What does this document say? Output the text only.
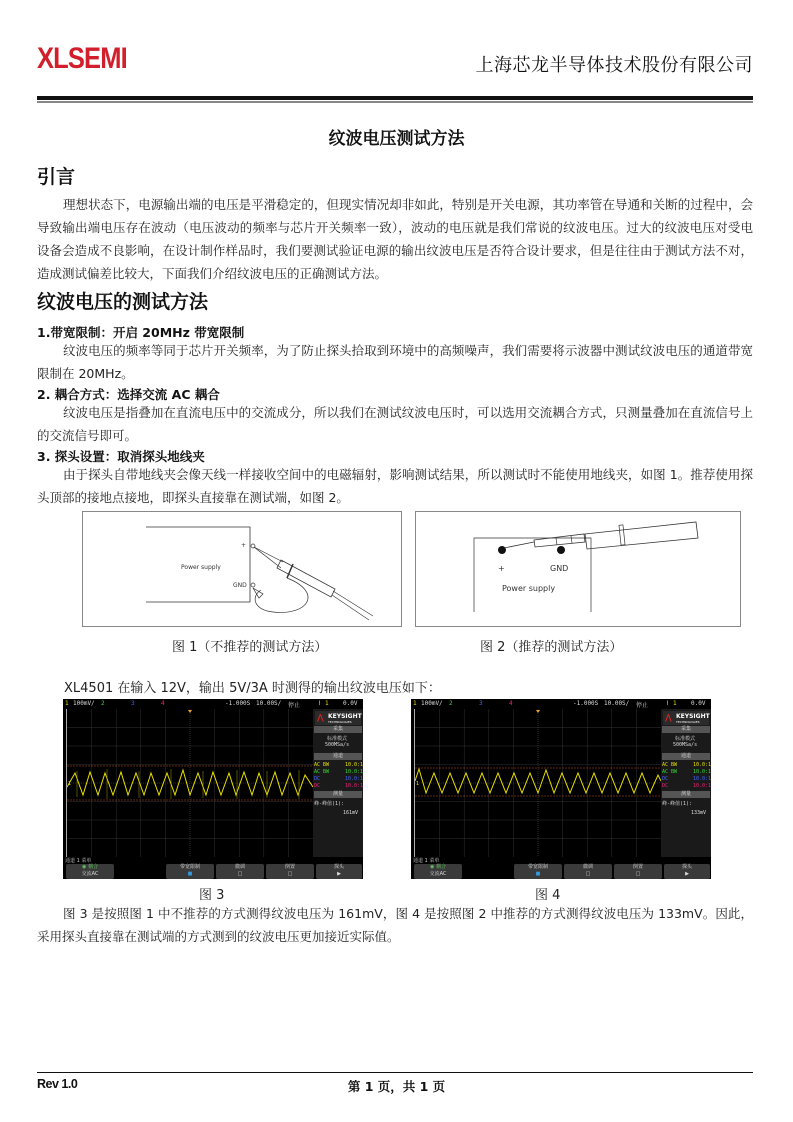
XLSEMI	上海芯龙半导体技术股份有限公司
纹波电压测试方法
引言
理想状态下，电源输出端的电压是平滑稳定的，但现实情况却非如此，特别是开关电源，其功率管在导通和关断的过程中，会导致输出端电压存在波动（电压波动的频率与芯片开关频率一致），波动的电压就是我们常说的纹波电压。过大的纹波电压对受电设备会造成不良影响，在设计制作样品时，我们要测试验证电源的输出纹波电压是否符合设计要求，但是往往由于测试方法不对，造成测试偏差比较大，下面我们介绍纹波电压的正确测试方法。
纹波电压的测试方法
1.带宽限制：开启 20MHz 带宽限制
纹波电压的频率等同于芯片开关频率，为了防止探头拾取到环境中的高频噪声，我们需要将示波器中测试纹波电压的通道带宽限制在 20MHz。
2. 耦合方式：选择交流 AC 耦合
纹波电压是指叠加在直流电压中的交流成分，所以我们在测试纹波电压时，可以选用交流耦合方式，只测量叠加在直流信号上的交流信号即可。
3. 探头设置：取消探头地线夹
由于探头自带地线夹会像天线一样接收空间中的电磁辐射，影响测试结果，所以测试时不能使用地线夹，如图 1。推荐使用探头顶部的接地点接地，即探头直接靠在测试端，如图 2。
Power supply
+
GND
图 1（不推荐的测试方法）
+	GND
Power supply
图 2（推荐的测试方法）
XL4501 在输入 12V，输出 5V/3A 时测得的输出纹波电压如下：
1 100mV/ 2	3	4	-1.000S 10.00S/ 停止	⌇ 1 0.0V
1
⋀ KEYSIGHT
TECHNOLOGIES
采集
标准模式
500MSa/s
通道
AC BW	10.0:1
AC BW	10.0:1
DC	10.0:1
DC	10.0:1
测量
峰-峰值(1):
161mV
通道 1 菜单
◉ 耦合
交流AC
带宽限制
■
微调
□
倒置
□
探头
▶
图 3
1 100mV/ 2	3	4	-1.000S 10.00S/ 停止	⌇ 1 0.0V
1
⋀ KEYSIGHT
TECHNOLOGIES
采集
标准模式
500MSa/s
通道
AC BW	10.0:1
AC BW	10.0:1
DC	10.0:1
DC	10.0:1
测量
峰-峰值(1):
133mV
通道 1 菜单
◉ 耦合
交流AC
带宽限制
■
微调
□
倒置
□
探头
▶
图 4
图 3 是按照图 1 中不推荐的方式测得纹波电压为 161mV，图 4 是按照图 2 中推荐的方式测得纹波电压为 133mV。因此，采用探头直接靠在测试端的方式测到的纹波电压更加接近实际值。
Rev 1.0	第 1 页，共 1 页
